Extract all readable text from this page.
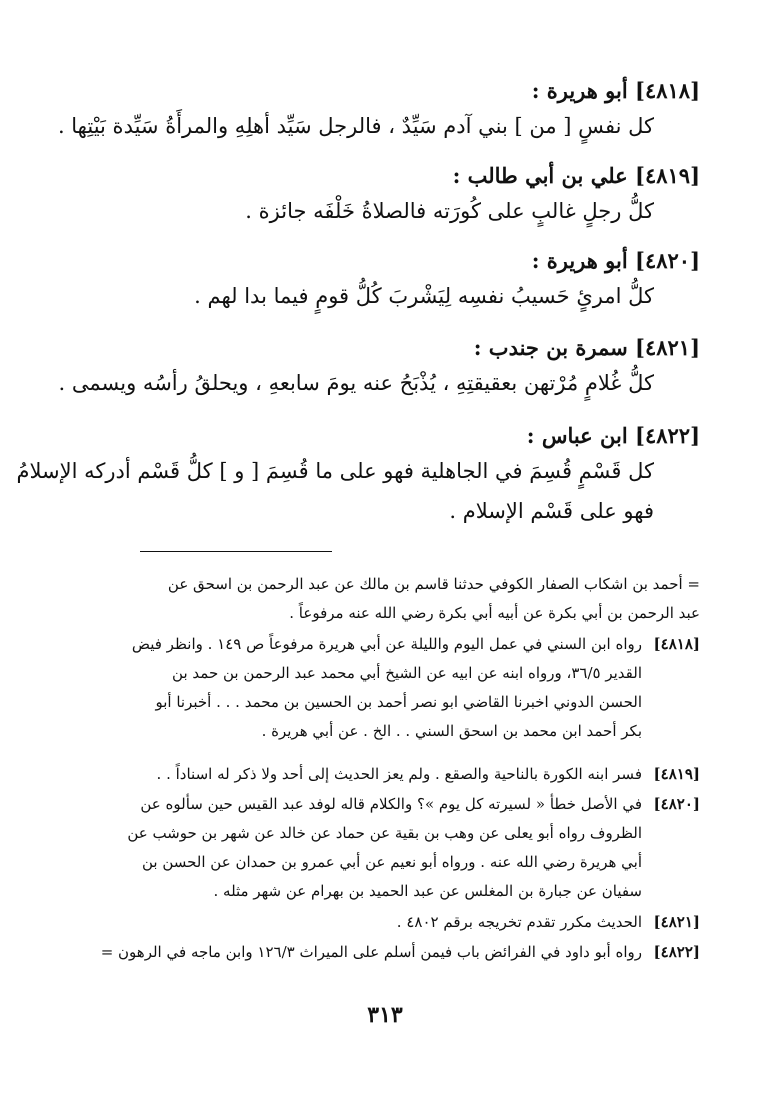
[٤٨١٨] أبو هريرة :
كل نفسٍ [ من ] بني آدم سَيِّدٌ ، فالرجل سَيِّد أهلِهِ والمرأَةُ سَيِّدة بَيْتِها .
[٤٨١٩] علي بن أبي طالب :
كلُّ رجلٍ غالبٍ على كُورَته فالصلاةُ خَلْفَه جائزة .
[٤٨٢٠] أبو هريرة :
كلُّ امرئٍ حَسيبُ نفسِه لِيَشْربَ كُلُّ قومٍ فيما بدا لهم .
[٤٨٢١] سمرة بن جندب :
كلُّ غُلامٍ مُرْتهن بعقيقتِهِ ، يُذْبَحُ عنه يومَ سابعهِ ، ويحلقُ رأسُه ويسمى .
[٤٨٢٢] ابن عباس :
كل قَسْمٍ قُسِمَ في الجاهلية فهو على ما قُسِمَ [ و ] كلُّ قَسْم أدركه الإسلامُ
فهو على قَسْم الإسلام .
= أحمد بن اشكاب الصفار الكوفي حدثنا قاسم بن مالك عن عبد الرحمن بن اسحق عن
عبد الرحمن بن أبي بكرة عن أبيه أبي بكرة رضي الله عنه مرفوعاً .
[٤٨١٨]
رواه ابن السني في عمل اليوم والليلة عن أبي هريرة مرفوعاً ص ١٤٩ . وانظر فيض
القدير ٣٦/٥، ورواه ابنه عن ابيه عن الشيخ أبي محمد عبد الرحمن بن حمد بن
الحسن الدوني اخبرنا القاضي ابو نصر أحمد بن الحسين بن محمد . . . أخبرنا أبو
بكر أحمد ابن محمد بن اسحق السني . . الخ . عن أبي هريرة .
[٤٨١٩]
فسر ابنه الكورة بالناحية والصقع . ولم يعز الحديث إلى أحد ولا ذكر له اسناداً . .
[٤٨٢٠]
في الأصل خطأ « لسيرته كل يوم »؟ والكلام قاله لوفد عبد القيس حين سألوه عن
الظروف رواه أبو يعلى عن وهب بن بقية عن حماد عن خالد عن شهر بن حوشب عن
أبي هريرة رضي الله عنه . ورواه أبو نعيم عن أبي عمرو بن حمدان عن الحسن بن
سفيان عن جبارة بن المغلس عن عبد الحميد بن بهرام عن شهر مثله .
[٤٨٢١]
الحديث مكرر تقدم تخريجه برقم ٤٨٠٢ .
[٤٨٢٢]
رواه أبو داود في الفرائض باب فيمن أسلم على الميراث ١٢٦/٣ وابن ماجه في الرهون =
٣١٣
